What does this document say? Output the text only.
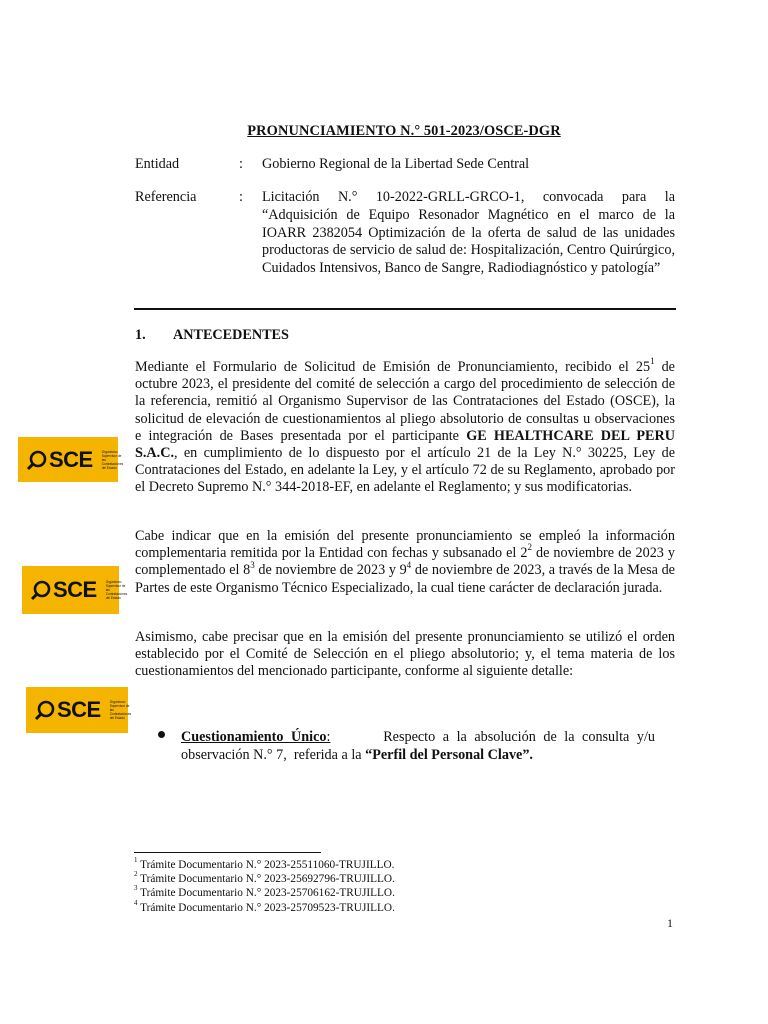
PRONUNCIAMIENTO N.° 501-2023/OSCE-DGR
Entidad	: Gobierno Regional de la Libertad Sede Central
Referencia	: Licitación N.° 10-2022-GRLL-GRCO-1, convocada para la “Adquisición de Equipo Resonador Magnético en el marco de la IOARR 2382054 Optimización de la oferta de salud de las unidades productoras de servicio de salud de: Hospitalización, Centro Quirúrgico, Cuidados Intensivos, Banco de Sangre, Radiodiagnóstico y patología”
1. ANTECEDENTES
Mediante el Formulario de Solicitud de Emisión de Pronunciamiento, recibido el $25^1$ de octubre 2023, el presidente del comité de selección a cargo del procedimiento de selección de la referencia, remitió al Organismo Supervisor de las Contrataciones del Estado (OSCE), la solicitud de elevación de cuestionamientos al pliego absolutorio de consultas u observaciones e integración de Bases presentada por el participante GE HEALTHCARE DEL PERU S.A.C., en cumplimiento de lo dispuesto por el artículo 21 de la Ley N.° 30225, Ley de Contrataciones del Estado, en adelante la Ley, y el artículo 72 de su Reglamento, aprobado por el Decreto Supremo N.° 344-2018-EF, en adelante el Reglamento; y sus modificatorias.
Cabe indicar que en la emisión del presente pronunciamiento se empleó la información complementaria remitida por la Entidad con fechas y subsanado el $2^2$ de noviembre de 2023 y complementado el $8^3$ de noviembre de 2023 y $9^4$ de noviembre de 2023, a través de la Mesa de Partes de este Organismo Técnico Especializado, la cual tiene carácter de declaración jurada.
Asimismo, cabe precisar que en la emisión del presente pronunciamiento se utilizó el orden establecido por el Comité de Selección en el pliego absolutorio; y, el tema materia de los cuestionamientos del mencionado participante, conforme al siguiente detalle:
Cuestionamiento Único:       Respecto a la absolución de la consulta y/u observación N.° 7,  referida a la “Perfil del Personal Clave”.
$^1$ Trámite Documentario N.° 2023-25511060-TRUJILLO.
$^2$ Trámite Documentario N.° 2023-25692796-TRUJILLO.
$^3$ Trámite Documentario N.° 2023-25706162-TRUJILLO.
$^4$ Trámite Documentario N.° 2023-25709523-TRUJILLO.
1
SCE	Organismo Supervisor de las Contrataciones del Estado
SCE	Organismo Supervisor de las Contrataciones del Estado
SCE	Organismo Supervisor de las Contrataciones del Estado
